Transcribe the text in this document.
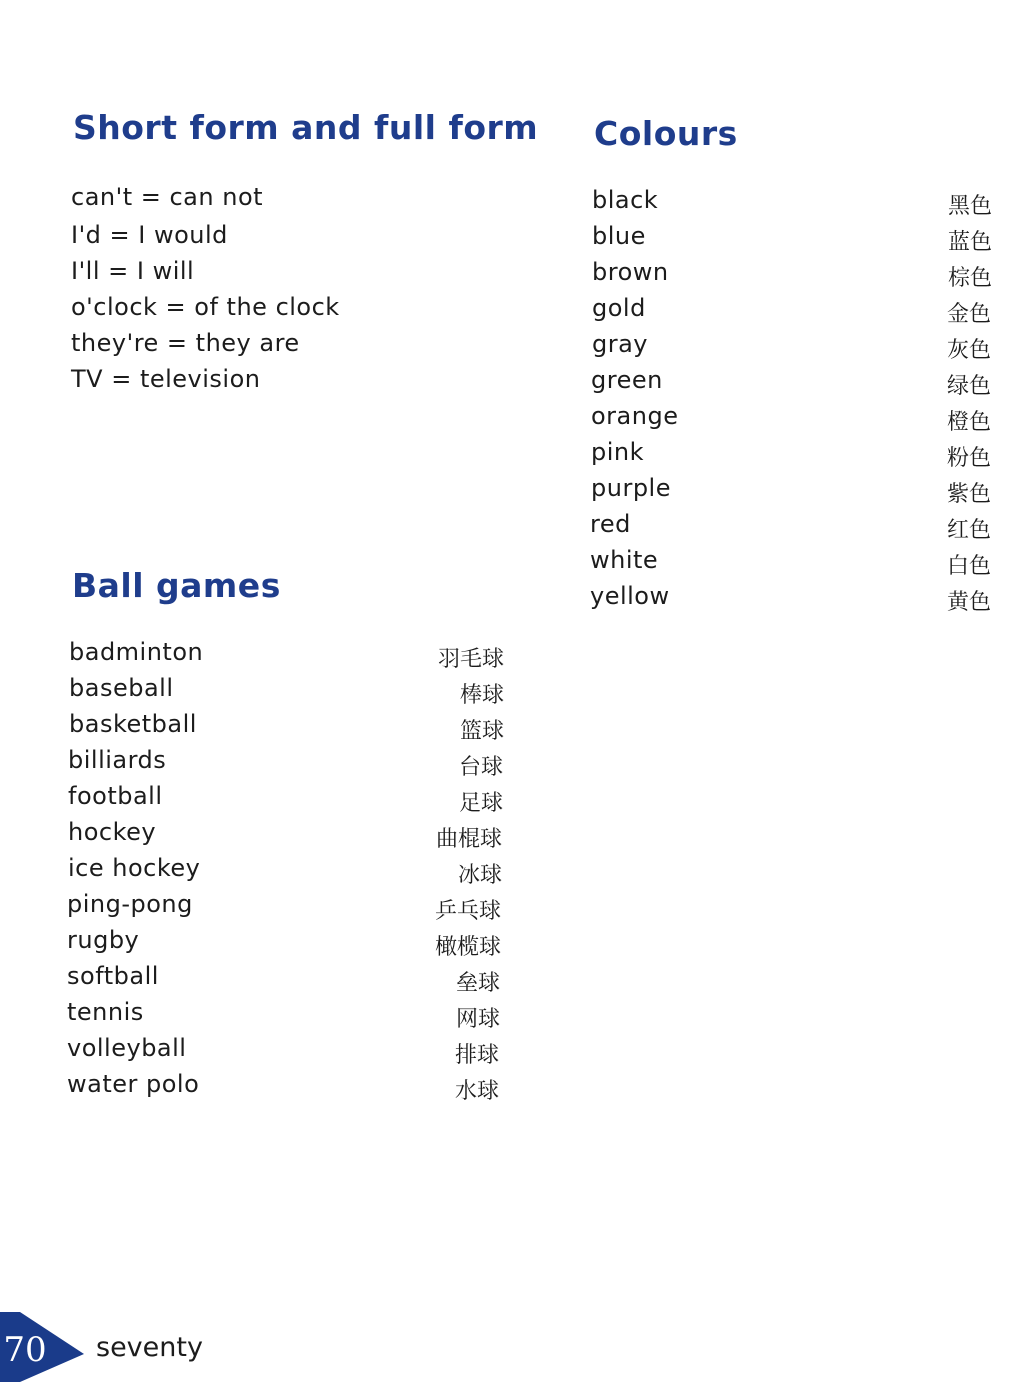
Short form and full form
can't = can not
I'd = I would
I'll = I will
o'clock = of the clock
they're = they are
TV = television
Ball games
badminton	羽毛球
baseball	棒球
basketball	篮球
billiards	台球
football	足球
hockey	曲棍球
ice hockey	冰球
ping-pong	乒乓球
rugby	橄榄球
softball	垒球
tennis	网球
volleyball	排球
water polo	水球
Colours
black	黑色
blue	蓝色
brown	棕色
gold	金色
gray	灰色
green	绿色
orange	橙色
pink	粉色
purple	紫色
red	红色
white	白色
yellow	黄色
70 seventy
